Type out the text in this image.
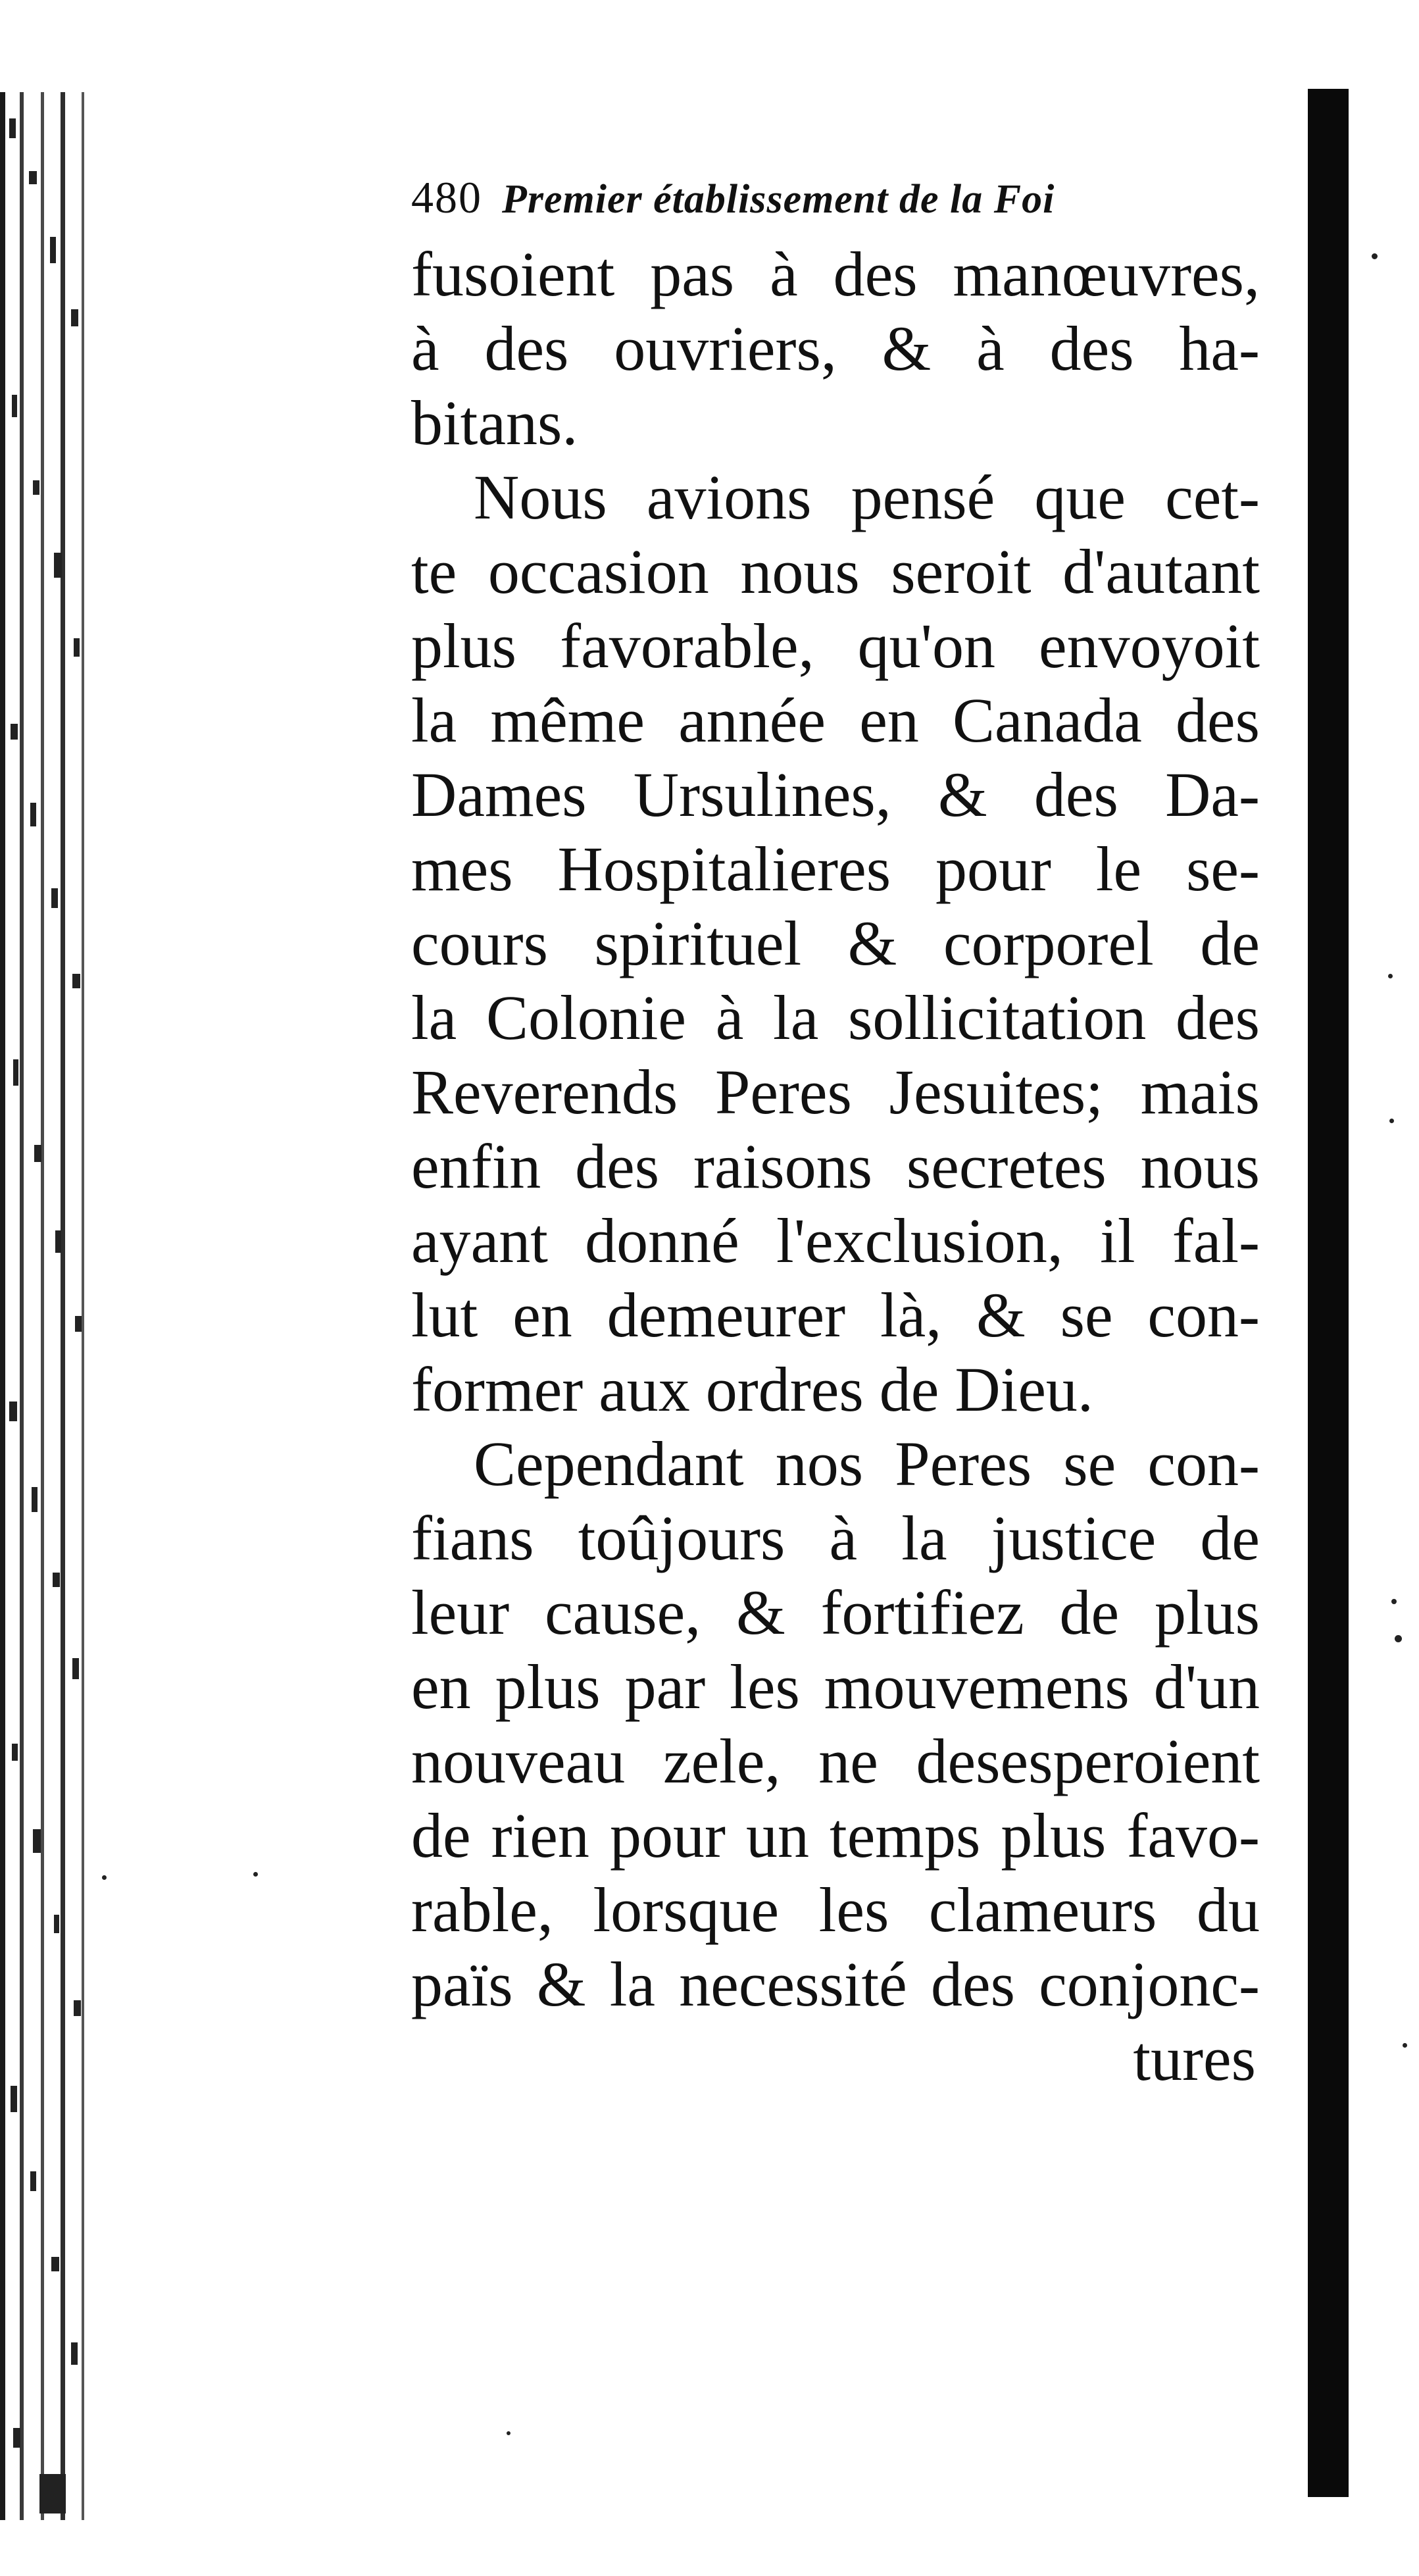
480 Premier établissement de la Foi
fusoient pas à des manœuvres,
à des ouvriers, & à des ha-
bitans.
Nous avions pensé que cet-
te occasion nous seroit d'autant
plus favorable, qu'on envoyoit
la même année en Canada des
Dames Ursulines, & des Da-
mes Hospitalieres pour le se-
cours spirituel & corporel de
la Colonie à la sollicitation des
Reverends Peres Jesuites; mais
enfin des raisons secretes nous
ayant donné l'exclusion, il fal-
lut en demeurer là, & se con-
former aux ordres de Dieu.
Cependant nos Peres se con-
fians toûjours à la justice de
leur cause, & fortifiez de plus
en plus par les mouvemens d'un
nouveau zele, ne desesperoient
de rien pour un temps plus favo-
rable, lorsque les clameurs du
païs & la necessité des conjonc-
tures
